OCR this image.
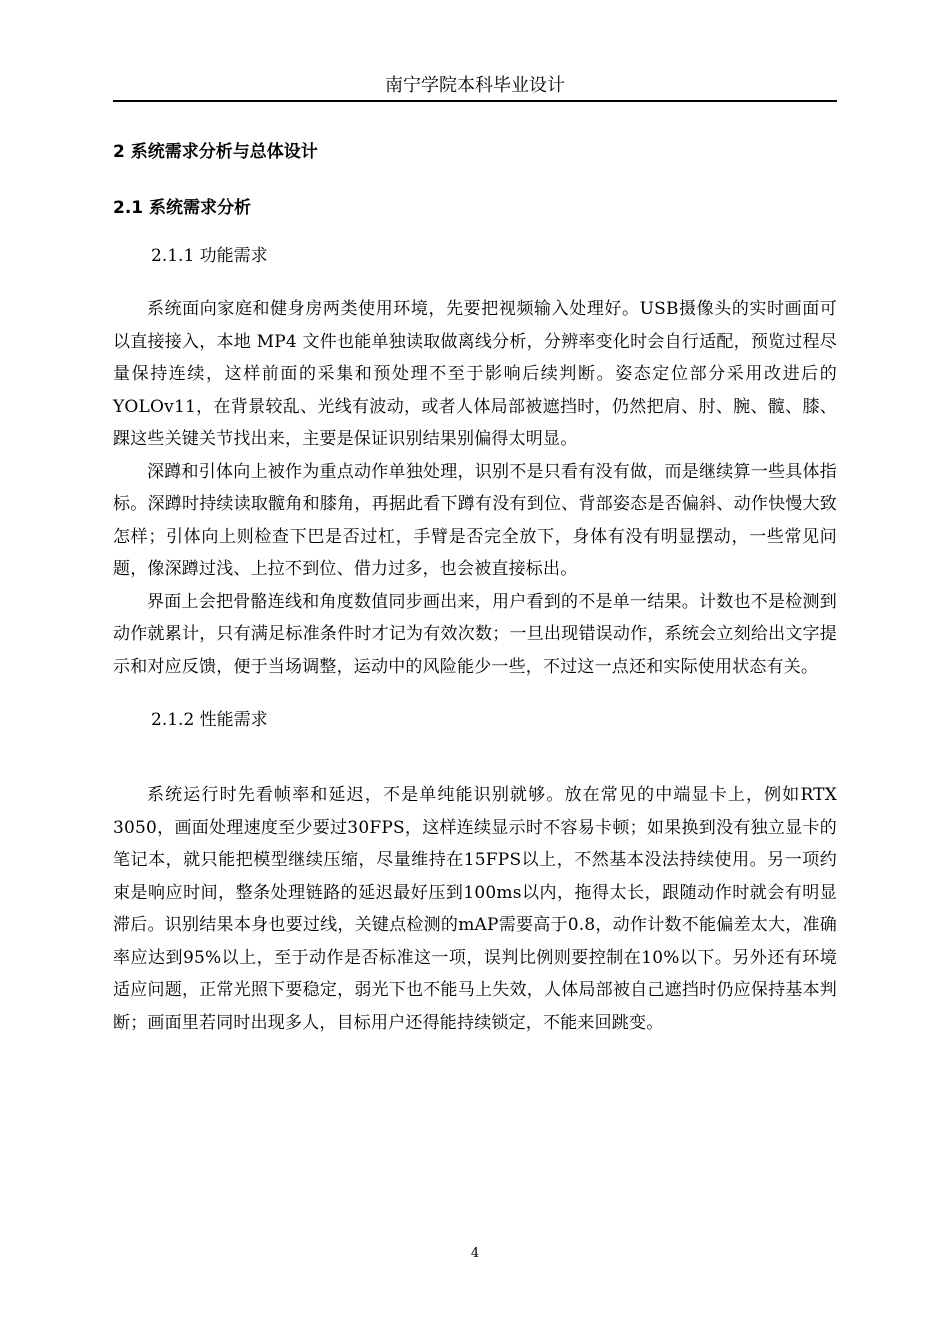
南宁学院本科毕业设计
2 系统需求分析与总体设计
2.1 系统需求分析
2.1.1 功能需求

系统面向家庭和健身房两类使用环境，先要把视频输入处理好。USB摄像头的实时画面可以直接接入，本地 MP4 文件也能单独读取做离线分析，分辨率变化时会自行适配，预览过程尽量保持连续，这样前面的采集和预处理不至于影响后续判断。姿态定位部分采用改进后的 YOLOv11，在背景较乱、光线有波动，或者人体局部被遮挡时，仍然把肩、肘、腕、髋、膝、踝这些关键关节找出来，主要是保证识别结果别偏得太明显。

深蹲和引体向上被作为重点动作单独处理，识别不是只看有没有做，而是继续算一些具体指标。深蹲时持续读取髋角和膝角，再据此看下蹲有没有到位、背部姿态是否偏斜、动作快慢大致怎样；引体向上则检查下巴是否过杠，手臂是否完全放下，身体有没有明显摆动，一些常见问题，像深蹲过浅、上拉不到位、借力过多，也会被直接标出。

界面上会把骨骼连线和角度数值同步画出来，用户看到的不是单一结果。计数也不是检测到动作就累计，只有满足标准条件时才记为有效次数；一旦出现错误动作，系统会立刻给出文字提示和对应反馈，便于当场调整，运动中的风险能少一些，不过这一点还和实际使用状态有关。

2.1.2 性能需求

系统运行时先看帧率和延迟，不是单纯能识别就够。放在常见的中端显卡上，例如RTX 3050，画面处理速度至少要过30FPS，这样连续显示时不容易卡顿；如果换到没有独立显卡的笔记本，就只能把模型继续压缩，尽量维持在15FPS以上，不然基本没法持续使用。另一项约束是响应时间，整条处理链路的延迟最好压到100ms以内，拖得太长，跟随动作时就会有明显滞后。识别结果本身也要过线，关键点检测的mAP需要高于0.8，动作计数不能偏差太大，准确率应达到95%以上，至于动作是否标准这一项，误判比例则要控制在10%以下。另外还有环境适应问题，正常光照下要稳定，弱光下也不能马上失效，人体局部被自己遮挡时仍应保持基本判断；画面里若同时出现多人，目标用户还得能持续锁定，不能来回跳变。

4
